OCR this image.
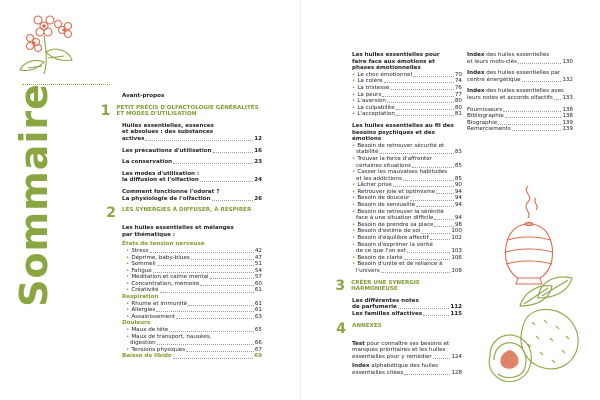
Sommaire	Avant-propos
1 PETIT PRÉCIS D'OLFACTOLOGIE GÉNÉRALITÉS ET MODES D'UTILISATION
Huiles essentielles, essences
et absolues : des substances
actives	12
Les précautions d'utilisation	16
La conservation	23
Les modes d'utilisation :
la diffusion et l'olfaction	24
Comment fonctionne l'odorat ?
La physiologie de l'olfaction	26
2 LES SYNERGIES À DIFFUSER, À RESPIRER
Les huiles essentielles et mélanges
par thématique :
États de tension nerveuse
• Stress	42
• Déprime, baby-blues	47
• Sommeil	51
• Fatigue	54
• Méditation et calme mental	57
• Concentration, mémoire	60
• Créativité	61
Respiration
• Rhume et immunité	61
• Allergies	61
• Assainissement	63
Douleurs
• Maux de tête	65
• Maux de transport, nausées,
digestion	66
• Tensions physiques	67
Baisse de libido	69
Les huiles essentielles pour
faire face aux émotions et
phases émotionnelles
• Le choc émotionnel	70
• La colère	74
• La tristesse	76
• La peurs	77
• L'aversion	80
• La culpabilité	80
• L'acceptation	81
Les huiles essentielles au fil des
besoins psychiques et des émotions
• Besoin de retrouver sécurité et
stabilité	83
• Trouver la force d'affronter
certaines situations	85
• Casser les mauvaises habitudes
et les addictions	85
• Lâcher prise	90
• Retrouver joie et optimisme	94
• Besoin de douceur	94
• Besoin de sensualité	94
• Besoin de retrouver la sérénité
face à une situation difficile	94
• Besoin de prendre sa place	98
• Besoin d'estime de soi	100
• Besoin d'équilibre affectif	102
• Besoin d'exprimer la vérité
de ce que l'on est	103
• Besoin de clarté	106
• Besoin d'unité et de reliance à
l'univers	108
3 CRÉER UNE SYNERGIE HARMONIEUSE
Les différentes notes
de parfumerie	112
Les familles olfactives	115
4 ANNEXES
Test pour connaître ses besoins et
manques prioritaires et les huiles
essentielles pour y remédier	124
Index alphabétique des huiles
essentielles citées	128
Index des huiles essentielles
et leurs mots-clés	130
Index des huiles essentielles par
centre énergétique	132
Index des huiles essentielles avec
leurs notes et accords olfactifs 133
Fournisseurs	138
Bibliographie	138
Biographie	139
Remerciements	139
